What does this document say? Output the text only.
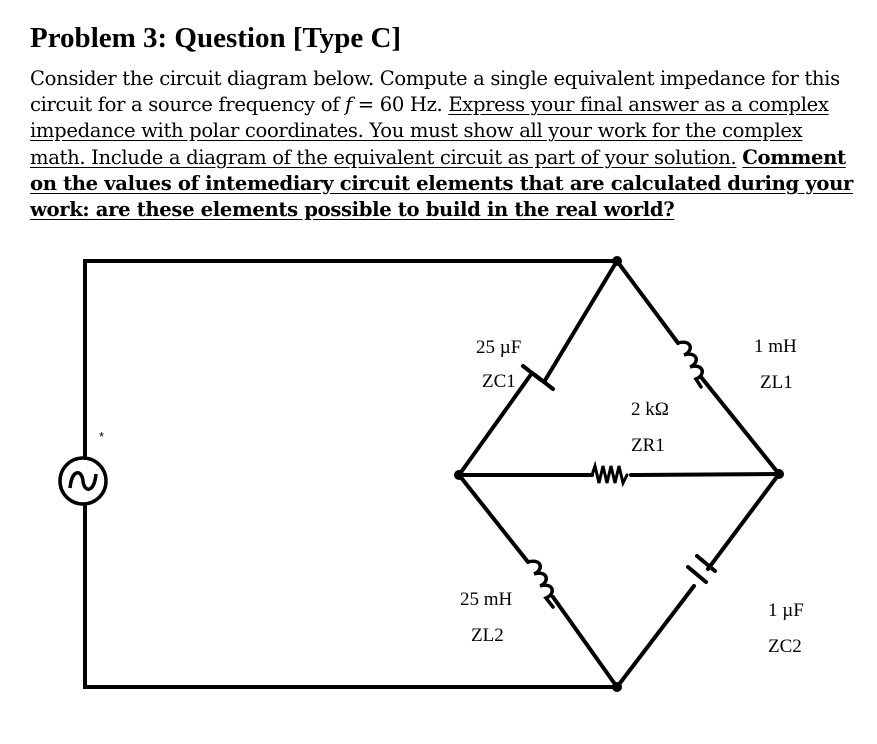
Problem 3: Question [Type C]
Consider the circuit diagram below. Compute a single equivalent impedance for this
circuit for a source frequency of f = 60 Hz. Express your final answer as a complex
impedance with polar coordinates. You must show all your work for the complex
math. Include a diagram of the equivalent circuit as part of your solution. Comment
on the values of intemediary circuit elements that are calculated during your
work: are these elements possible to build in the real world?
*
25 µF
ZC1
1 mH
ZL1
2 kΩ
ZR1
25 mH
ZL2
1 µF
ZC2
